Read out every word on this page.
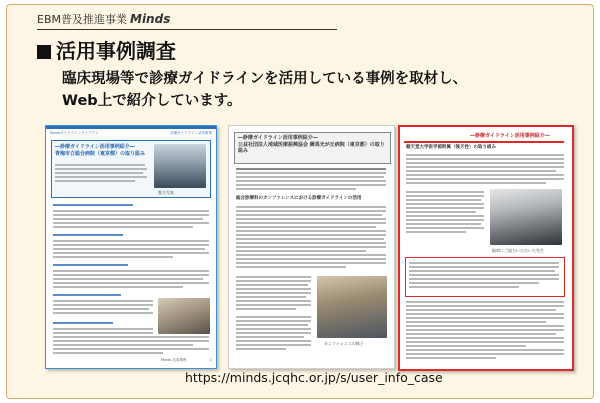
EBM普及推進事業 Minds
活用事例調査
臨床現場等で診療ガイドラインを活用している事例を取材し、
Web上で紹介しています。
Mindsガイドラインライブラリ	診療ガイドライン活用事例
―診療ガイドライン活用事例紹介―
青梅市立総合病院（東京都）の取り組み
集合写真
Minds 活用事例	1
―診療ガイドライン活用事例紹介―
公益社団法人地域医療振興協会 練馬光が丘病院（東京都）の取り組み
総合診療科のカンファレンスにおける診療ガイドラインの活用
カンファレンスの様子
―診療ガイドライン活用事例紹介―
順天堂大学医学部附属（後天性）の取り組み
取材にご協力いただいた先生
https://minds.jcqhc.or.jp/s/user_info_case
